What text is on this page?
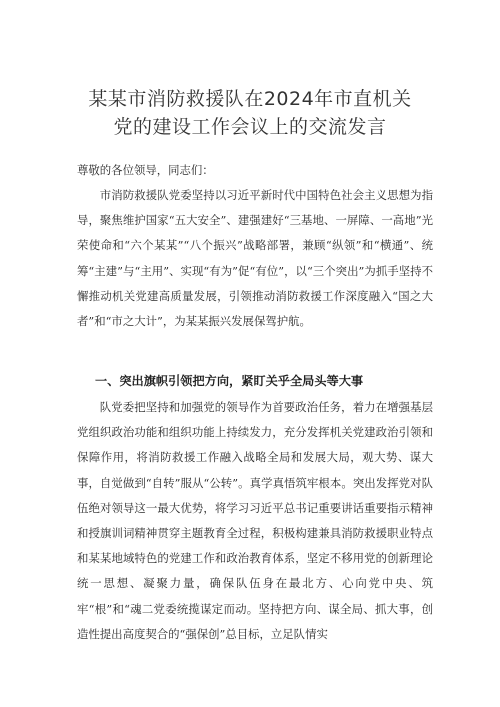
某某市消防救援队在2024年市直机关
党的建设工作会议上的交流发言
尊敬的各位领导，同志们：
市消防救援队党委坚持以习近平新时代中国特色社会主义思想为指导，聚焦维护国家“五大安全”、建强建好“三基地、一屏障、一高地”光荣使命和“六个某某”“八个振兴”战略部署，兼顾“纵领”和“横通”、统筹“主建”与“主用”、实现“有为”促“有位”，以“三个突出”为抓手坚持不懈推动机关党建高质量发展，引领推动消防救援工作深度融入“国之大者”和“市之大计”，为某某振兴发展保驾护航。
一、突出旗帜引领把方向，紧盯关乎全局头等大事
队党委把坚持和加强党的领导作为首要政治任务，着力在增强基层党组织政治功能和组织功能上持续发力，充分发挥机关党建政治引领和保障作用，将消防救援工作融入战略全局和发展大局，观大势、谋大事，自觉做到“自转”服从“公转”。真学真悟筑牢根本。突出发挥党对队伍绝对领导这一最大优势，将学习习近平总书记重要讲话重要指示精神和授旗训词精神贯穿主题教育全过程，积极构建兼具消防救援职业特点和某某地域特色的党建工作和政治教育体系，坚定不移用党的创新理论统一思想、凝聚力量，确保队伍身在最北方、心向党中央、筑牢“根”和“魂二党委统揽谋定而动。坚持把方向、谋全局、抓大事，创造性提出高度契合的“强保创”总目标，立足队情实
